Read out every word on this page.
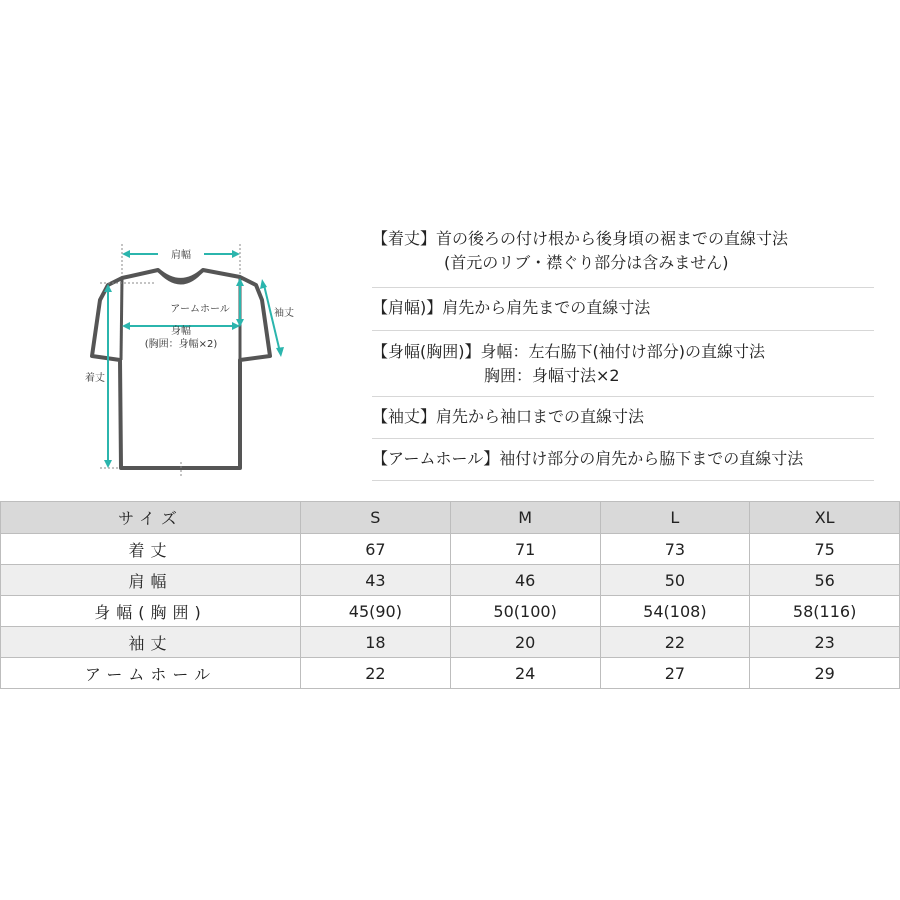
肩幅
アームホール	袖丈
身幅
(胸囲：身幅×2)
着丈
【着丈】首の後ろの付け根から後身頃の裾までの直線寸法
(首元のリブ・襟ぐり部分は含みません)
【肩幅)】肩先から肩先までの直線寸法
【身幅(胸囲)】身幅：左右脇下(袖付け部分)の直線寸法
胸囲：身幅寸法×2
【袖丈】肩先から袖口までの直線寸法
【アームホール】袖付け部分の肩先から脇下までの直線寸法
サイズ	S	M	L	XL
着丈	67	71	73	75
肩幅	43	46	50	56
身幅(胸囲)	45(90)	50(100)	54(108)	58(116)
袖丈	18	20	22	23
アームホール	22	24	27	29
